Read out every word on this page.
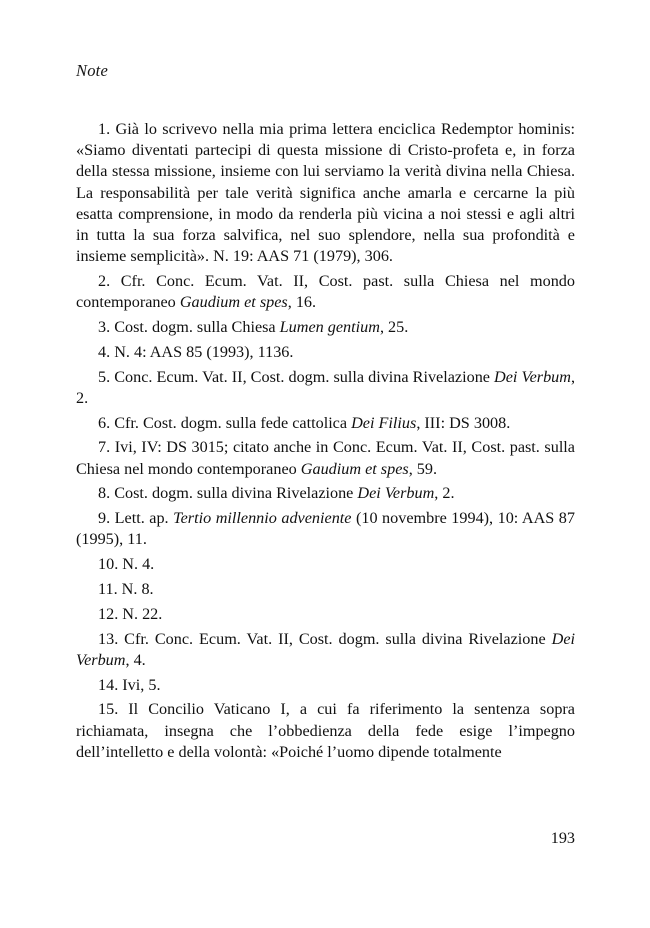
Note

1. Già lo scrivevo nella mia prima lettera enciclica Redemptor hominis: «Siamo diventati partecipi di questa missione di Cristo-profeta e, in forza della stessa missione, insieme con lui serviamo la verità divina nella Chiesa. La responsabilità per tale verità significa anche amarla e cercarne la più esatta comprensione, in modo da renderla più vicina a noi stessi e agli altri in tutta la sua forza salvifica, nel suo splendore, nella sua profondità e insieme semplicità». N. 19: AAS 71 (1979), 306.

2. Cfr. Conc. Ecum. Vat. II, Cost. past. sulla Chiesa nel mondo contemporaneo Gaudium et spes, 16.

3. Cost. dogm. sulla Chiesa Lumen gentium, 25.

4. N. 4: AAS 85 (1993), 1136.

5. Conc. Ecum. Vat. II, Cost. dogm. sulla divina Rivelazione Dei Verbum, 2.

6. Cfr. Cost. dogm. sulla fede cattolica Dei Filius, III: DS 3008.

7. Ivi, IV: DS 3015; citato anche in Conc. Ecum. Vat. II, Cost. past. sulla Chiesa nel mondo contemporaneo Gaudium et spes, 59.

8. Cost. dogm. sulla divina Rivelazione Dei Verbum, 2.

9. Lett. ap. Tertio millennio adveniente (10 novembre 1994), 10: AAS 87 (1995), 11.

10. N. 4.

11. N. 8.

12. N. 22.

13. Cfr. Conc. Ecum. Vat. II, Cost. dogm. sulla divina Rivelazione Dei Verbum, 4.

14. Ivi, 5.

15. Il Concilio Vaticano I, a cui fa riferimento la sentenza sopra richiamata, insegna che l’obbedienza della fede esige l’impegno dell’intelletto e della volontà: «Poiché l’uomo dipende totalmente

193
